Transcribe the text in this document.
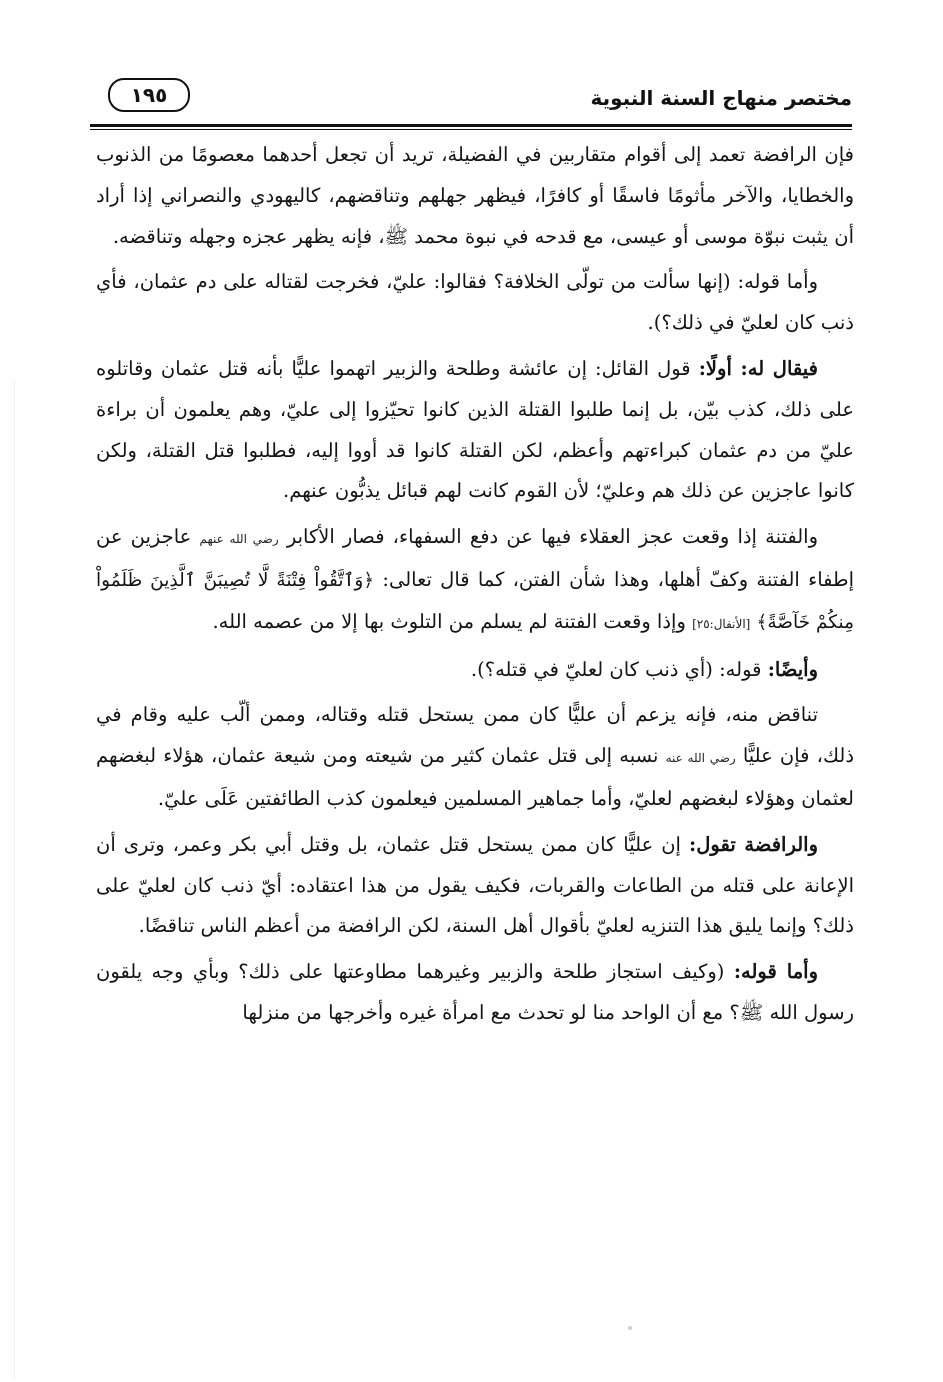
مختصر منهاج السنة النبوية
١٩٥

فإن الرافضة تعمد إلى أقوام متقاربين في الفضيلة، تريد أن تجعل أحدهما معصومًا من الذنوب والخطايا، والآخر مأثومًا فاسقًا أو كافرًا، فيظهر جهلهم وتناقضهم، كاليهودي والنصراني إذا أراد أن يثبت نبوّة موسى أو عيسى، مع قدحه في نبوة محمد ﷺ، فإنه يظهر عجزه وجهله وتناقضه.

وأما قوله: (إنها سألت من تولّى الخلافة؟ فقالوا: عليّ، فخرجت لقتاله على دم عثمان، فأي ذنب كان لعليّ في ذلك؟).

فيقال له: أولًا: قول القائل: إن عائشة وطلحة والزبير اتهموا عليًّا بأنه قتل عثمان وقاتلوه على ذلك، كذب بيّن، بل إنما طلبوا القتلة الذين كانوا تحيّزوا إلى عليّ، وهم يعلمون أن براءة عليّ من دم عثمان كبراءتهم وأعظم، لكن القتلة كانوا قد أووا إليه، فطلبوا قتل القتلة، ولكن كانوا عاجزين عن ذلك هم وعليّ؛ لأن القوم كانت لهم قبائل يذبُّون عنهم.

والفتنة إذا وقعت عجز العقلاء فيها عن دفع السفهاء، فصار الأكابر رضي الله عنهم عاجزين عن إطفاء الفتنة وكفّ أهلها، وهذا شأن الفتن، كما قال تعالى: ﴿وَٱتَّقُواْ فِتْنَةً لَّا تُصِيبَنَّ ٱلَّذِينَ ظَلَمُواْ مِنكُمْ خَآصَّةً﴾ [الأنفال:٢٥] وإذا وقعت الفتنة لم يسلم من التلوث بها إلا من عصمه الله.

وأيضًا: قوله: (أي ذنب كان لعليّ في قتله؟).

تناقض منه، فإنه يزعم أن عليًّا كان ممن يستحل قتله وقتاله، وممن ألّب عليه وقام في ذلك، فإن عليًّا رضي الله عنه نسبه إلى قتل عثمان كثير من شيعته ومن شيعة عثمان، هؤلاء لبغضهم لعثمان وهؤلاء لبغضهم لعليّ، وأما جماهير المسلمين فيعلمون كذب الطائفتين عَلَى عليّ.

والرافضة تقول: إن عليًّا كان ممن يستحل قتل عثمان، بل وقتل أبي بكر وعمر، وترى أن الإعانة على قتله من الطاعات والقربات، فكيف يقول من هذا اعتقاده: أيّ ذنب كان لعليّ على ذلك؟ وإنما يليق هذا التنزيه لعليّ بأقوال أهل السنة، لكن الرافضة من أعظم الناس تناقضًا.

وأما قوله: (وكيف استجاز طلحة والزبير وغيرهما مطاوعتها على ذلك؟ وبأي وجه يلقون رسول الله ﷺ؟ مع أن الواحد منا لو تحدث مع امرأة غيره وأخرجها من منزلها
